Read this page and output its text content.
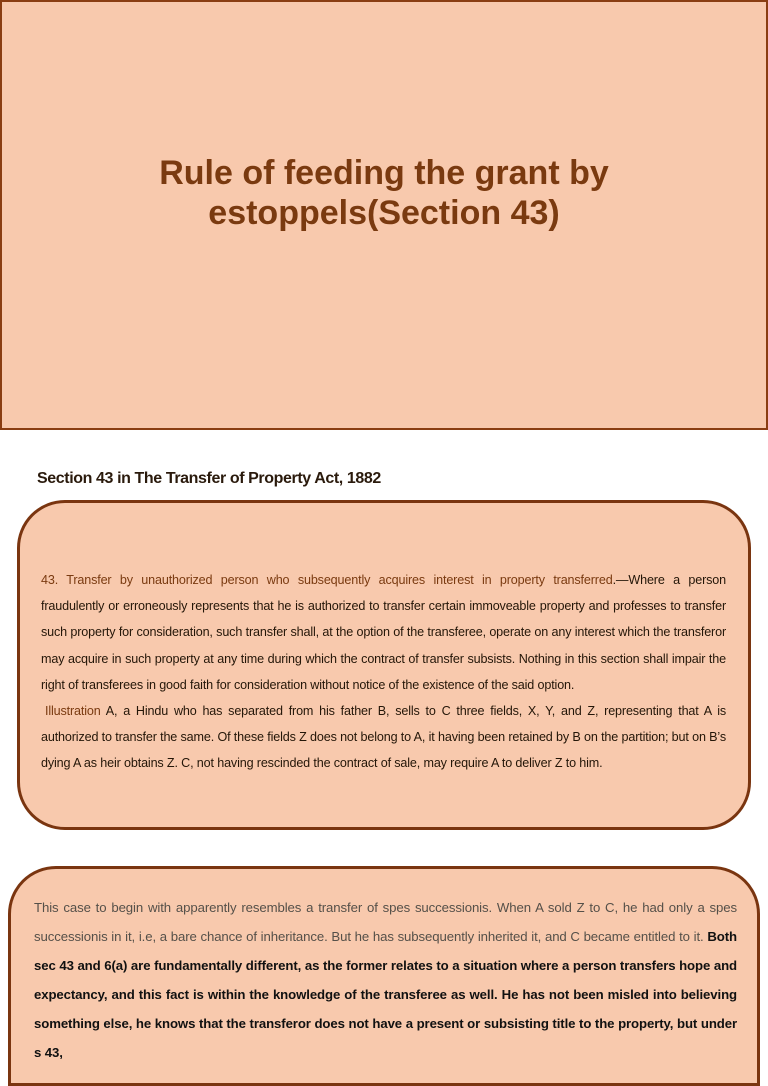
Rule of feeding the grant by estoppels(Section 43)
Section 43 in The Transfer of Property Act, 1882

43. Transfer by unauthorized person who subsequently acquires interest in property transferred.—Where a person fraudulently or erroneously represents that he is authorized to transfer certain immoveable property and professes to transfer such property for consideration, such transfer shall, at the option of the transferee, operate on any interest which the transferor may acquire in such property at any time during which the contract of transfer subsists. Nothing in this section shall impair the right of transferees in good faith for consideration without notice of the existence of the said option.

Illustration A, a Hindu who has separated from his father B, sells to C three fields, X, Y, and Z, representing that A is authorized to transfer the same. Of these fields Z does not belong to A, it having been retained by B on the partition; but on B’s dying A as heir obtains Z. C, not having rescinded the contract of sale, may require A to deliver Z to him.

This case to begin with apparently resembles a transfer of spes successionis. When A sold Z to C, he had only a spes successionis in it, i.e, a bare chance of inheritance. But he has subsequently inherited it, and C became entitled to it. Both sec 43 and 6(a) are fundamentally different, as the former relates to a situation where a person transfers hope and expectancy, and this fact is within the knowledge of the transferee as well. He has not been misled into believing something else, he knows that the transferor does not have a present or subsisting title to the property, but under s 43,
